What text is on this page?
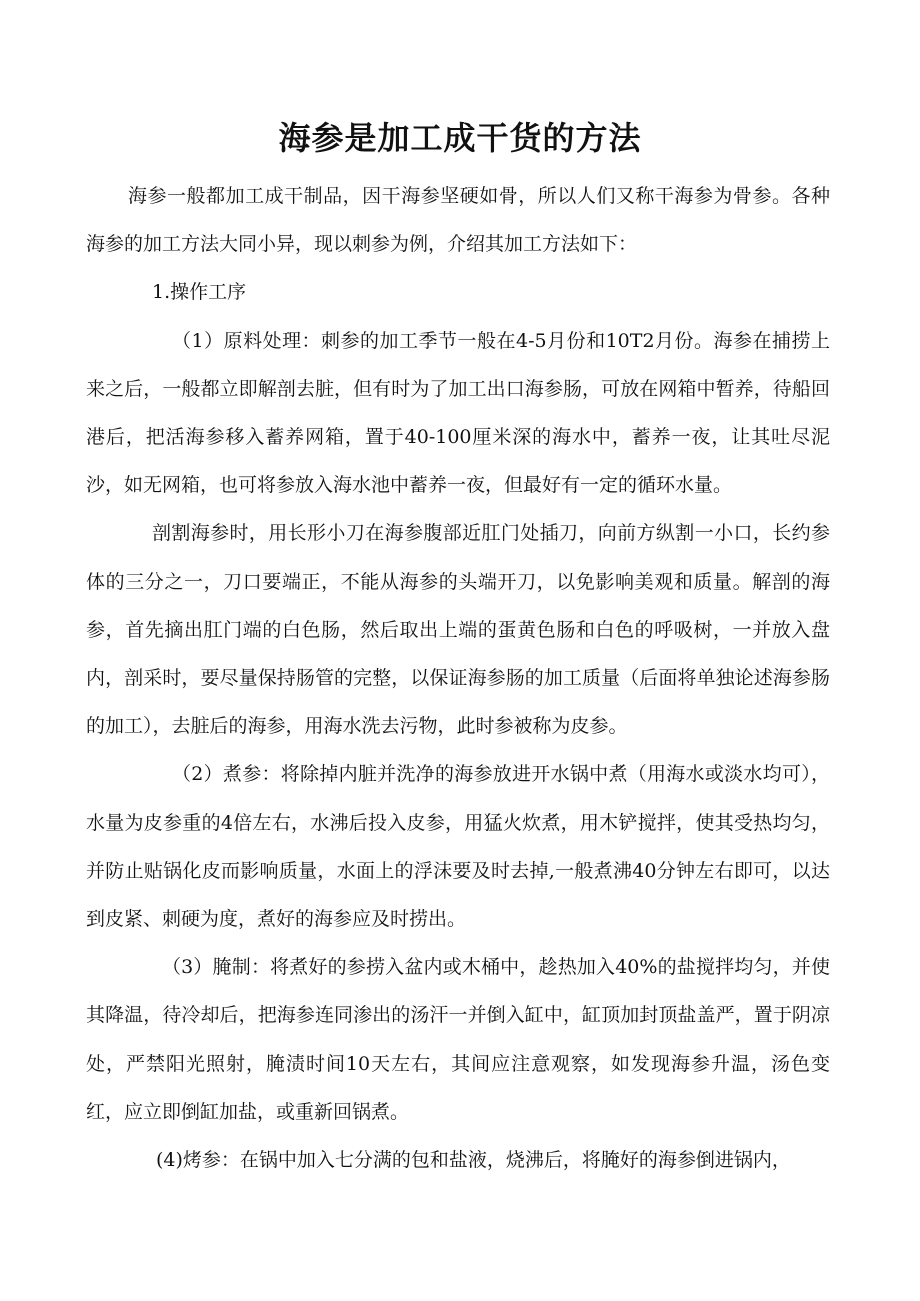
海参是加工成干货的方法

海参一般都加工成干制品，因干海参坚硬如骨，所以人们又称干海参为骨参。各种海参的加工方法大同小异，现以刺参为例，介绍其加工方法如下：

1.操作工序

（1）原料处理：刺参的加工季节一般在4-5月份和10T2月份。海参在捕捞上来之后，一般都立即解剖去脏，但有时为了加工出口海参肠，可放在网箱中暂养，待船回港后，把活海参移入蓄养网箱，置于40-100厘米深的海水中，蓄养一夜，让其吐尽泥沙，如无网箱，也可将参放入海水池中蓄养一夜，但最好有一定的循环水量。

剖割海参时，用长形小刀在海参腹部近肛门处插刀，向前方纵割一小口，长约参体的三分之一，刀口要端正，不能从海参的头端开刀，以免影响美观和质量。解剖的海参，首先摘出肛门端的白色肠，然后取出上端的蛋黄色肠和白色的呼吸树，一并放入盘内，剖采时，要尽量保持肠管的完整，以保证海参肠的加工质量（后面将单独论述海参肠的加工），去脏后的海参，用海水洗去污物，此时参被称为皮参。

（2）煮参：将除掉内脏并洗净的海参放进开水锅中煮（用海水或淡水均可），水量为皮参重的4倍左右，水沸后投入皮参，用猛火炊煮，用木铲搅拌，使其受热均匀，并防止贴锅化皮而影响质量，水面上的浮沫要及时去掉,一般煮沸40分钟左右即可，以达到皮紧、刺硬为度，煮好的海参应及时捞出。

（3）腌制：将煮好的参捞入盆内或木桶中，趁热加入40%的盐搅拌均匀，并使其降温，待冷却后，把海参连同渗出的汤汗一并倒入缸中，缸顶加封顶盐盖严，置于阴凉处，严禁阳光照射，腌渍时间10天左右，其间应注意观察，如发现海参升温，汤色变红，应立即倒缸加盐，或重新回锅煮。

(4)烤参：在锅中加入七分满的包和盐液，烧沸后，将腌好的海参倒进锅内，
